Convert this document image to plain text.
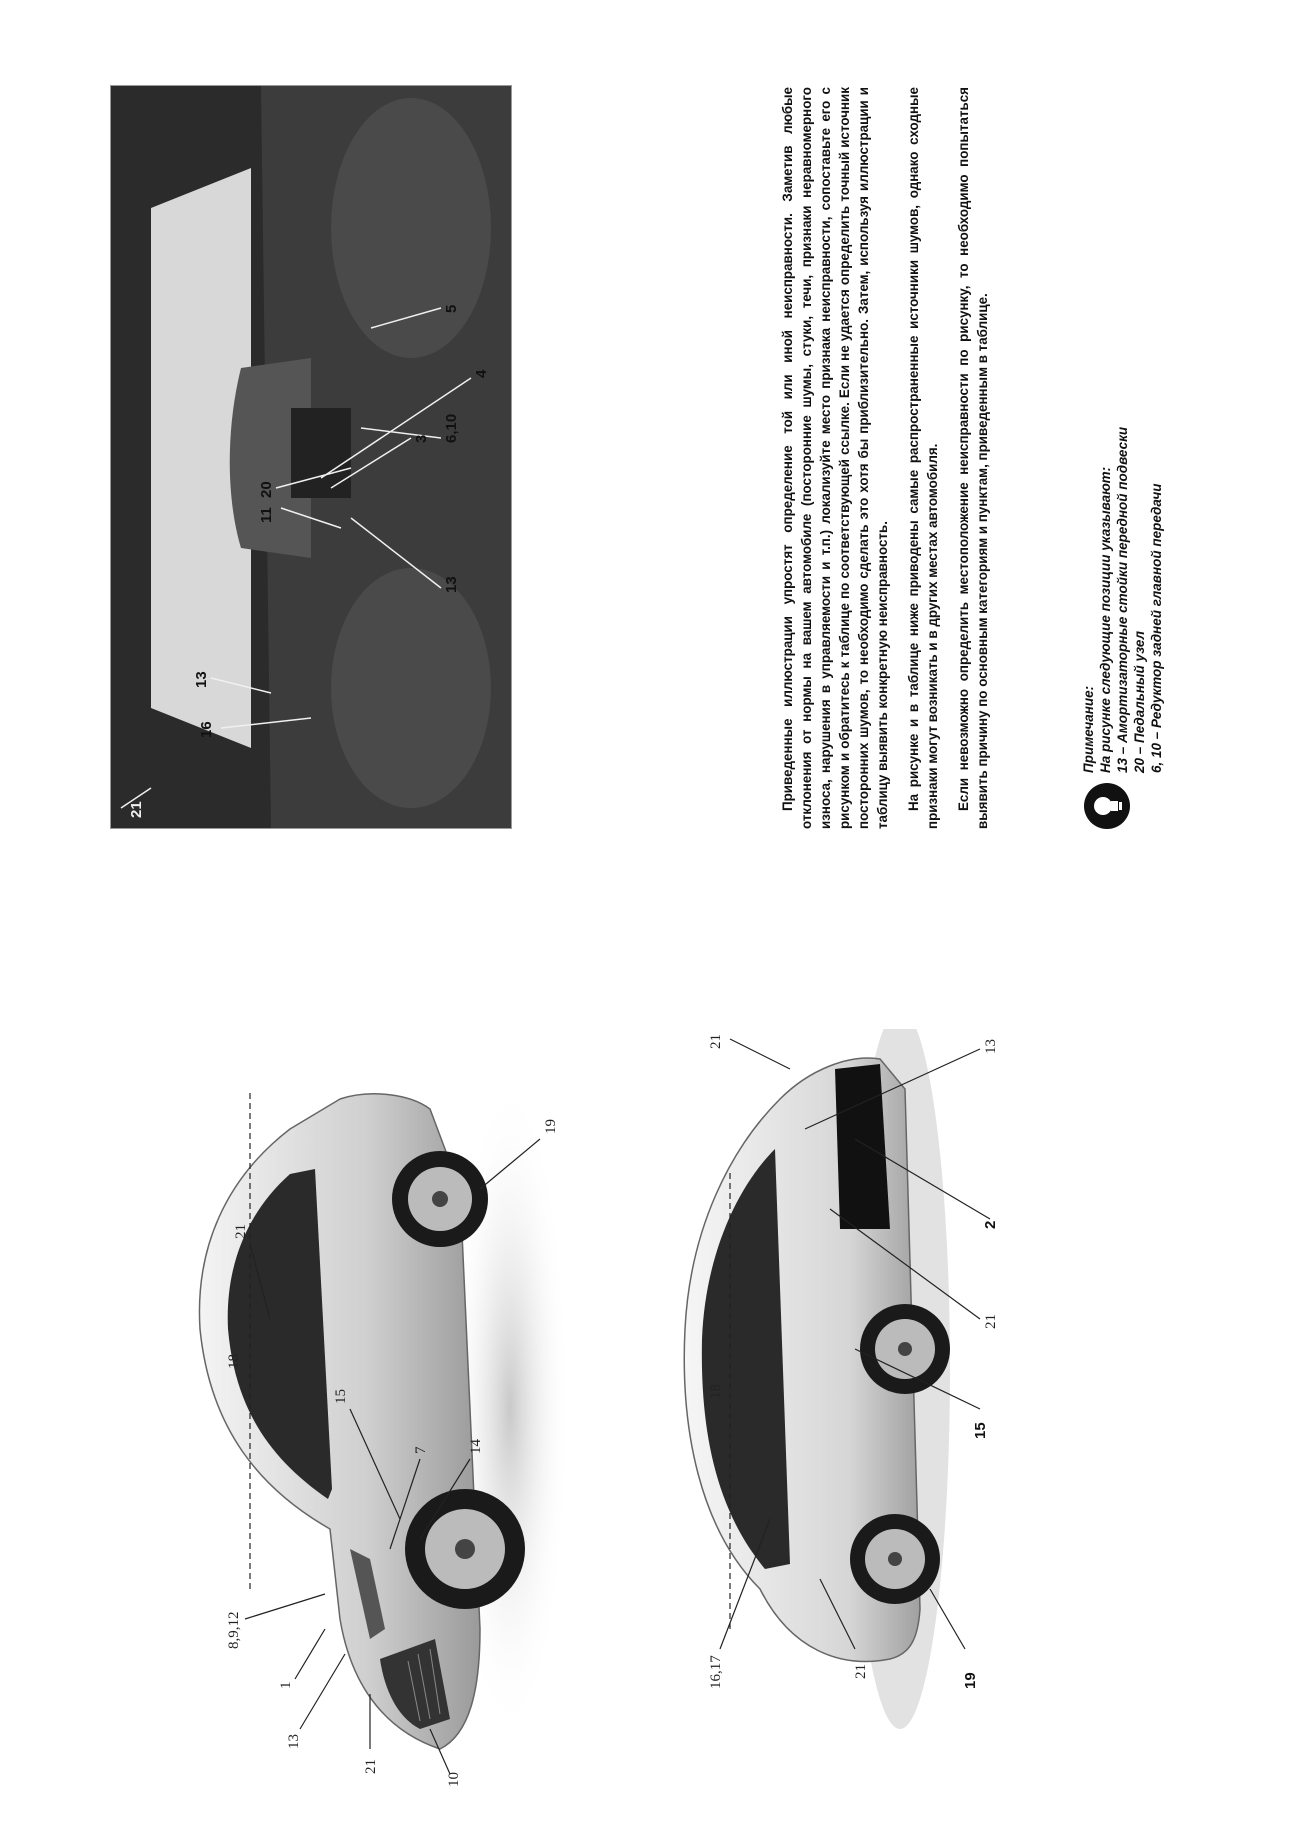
10
21
13
1
8,9,12
7	14
15
21
18
19
19
21
16,17
15
18
21
2
13
21
21
16
13
11
20
6,10
5
3
13
4	Приведенные иллюстрации упростят определение той или иной неисправности. Заметив любые отклонения от нормы на вашем автомобиле (посторонние шумы, стуки, течи, признаки неравномерного износа, нарушения в управляемости и т.п.) локализуйте место признака неисправности, сопоставьте его с рисунком и обратитесь к таблице по соответствующей ссылке. Если не удается определить точный источник посторонних шумов, то необходимо сделать это хотя бы приблизительно. Затем, используя иллюстрации и таблицу выявить конкретную неисправность. На рисунке и в таблице ниже приводены самые распространенные источники шумов, однако сходные признаки могут возникать и в других местах автомобиля. Если невозможно определить местоположение неисправности по рисунку, то необходимо попытаться выявить причину по основным категориям и пунктам, приведенным в таблице.	Примечание: На рисунке следующие позиции указывают: 13 – Амортизаторные стойки передной подвески 20 – Педальный узел 6, 10 – Редуктор задней главной передачи
